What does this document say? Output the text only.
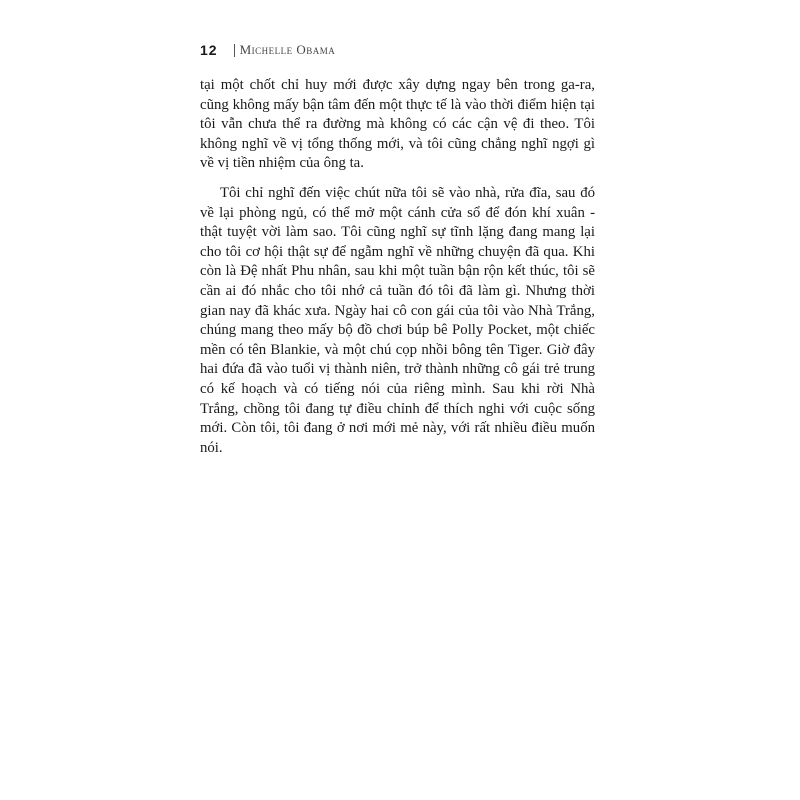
12 Michelle Obama

tại một chốt chỉ huy mới được xây dựng ngay bên trong ga-ra, cũng không mấy bận tâm đến một thực tế là vào thời điểm hiện tại tôi vẫn chưa thể ra đường mà không có các cận vệ đi theo. Tôi không nghĩ về vị tổng thống mới, và tôi cũng chẳng nghĩ ngợi gì về vị tiền nhiệm của ông ta.

Tôi chỉ nghĩ đến việc chút nữa tôi sẽ vào nhà, rửa đĩa, sau đó về lại phòng ngủ, có thể mở một cánh cửa sổ để đón khí xuân - thật tuyệt vời làm sao. Tôi cũng nghĩ sự tĩnh lặng đang mang lại cho tôi cơ hội thật sự để ngẫm nghĩ về những chuyện đã qua. Khi còn là Đệ nhất Phu nhân, sau khi một tuần bận rộn kết thúc, tôi sẽ cần ai đó nhắc cho tôi nhớ cả tuần đó tôi đã làm gì. Nhưng thời gian nay đã khác xưa. Ngày hai cô con gái của tôi vào Nhà Trắng, chúng mang theo mấy bộ đồ chơi búp bê Polly Pocket, một chiếc mền có tên Blankie, và một chú cọp nhồi bông tên Tiger. Giờ đây hai đứa đã vào tuổi vị thành niên, trở thành những cô gái trẻ trung có kế hoạch và có tiếng nói của riêng mình. Sau khi rời Nhà Trắng, chồng tôi đang tự điều chỉnh để thích nghi với cuộc sống mới. Còn tôi, tôi đang ở nơi mới mẻ này, với rất nhiều điều muốn nói.
